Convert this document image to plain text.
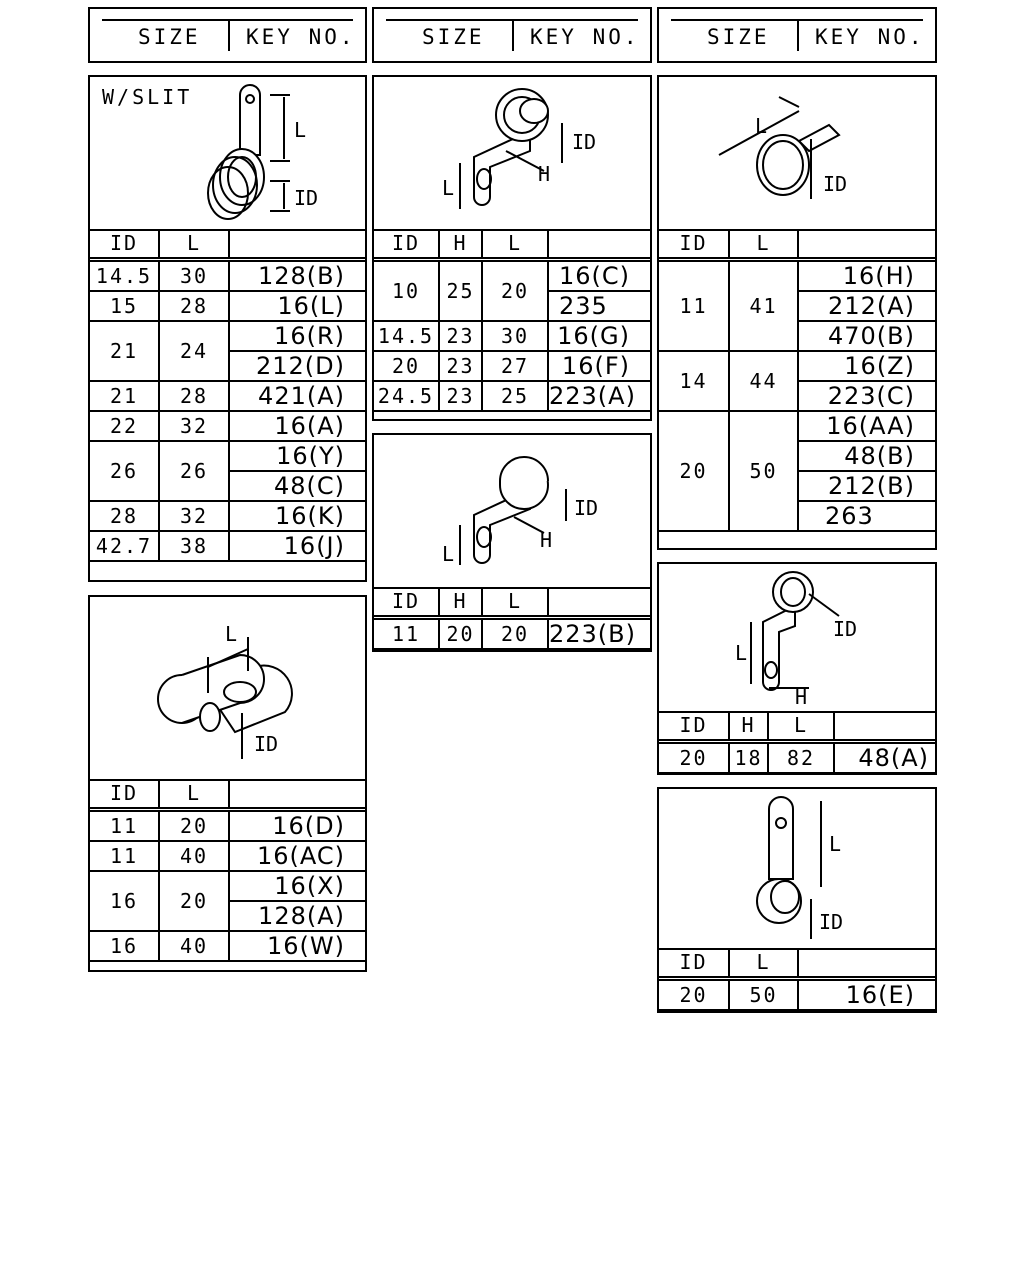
SIZE KEY NO.	SIZE KEY NO.	SIZE KEY NO.
W/SLIT
L
ID
ID	L	
14.5	30	128(B)
15	28	16(L)
21	24	16(R)
		212(D)
21	28	421(A)
22	32	16(A)
26	26	16(Y)
		48(C)
28	32	16(K)
42.7	38	16(J)
L
ID
ID	L	
11	20	16(D)
11	40	16(AC)
16	20	16(X)
		128(A)
16	40	16(W)
L
H
ID
ID	H	L	
10	25	20	16(C)
			235
14.5	23	30	16(G)
20	23	27	16(F)
24.5	23	25	223(A)
L
H
ID
ID	H	L	
11	20	20	223(B)
L
ID
ID	L	
11	41	16(H)
		212(A)
		470(B)
14	44	16(Z)
		223(C)
20	50	16(AA)
		48(B)
		212(B)
		263
L
H
ID
ID	H	L	
20	18	82	48(A)
L
ID
ID	L	
20	50	16(E)
